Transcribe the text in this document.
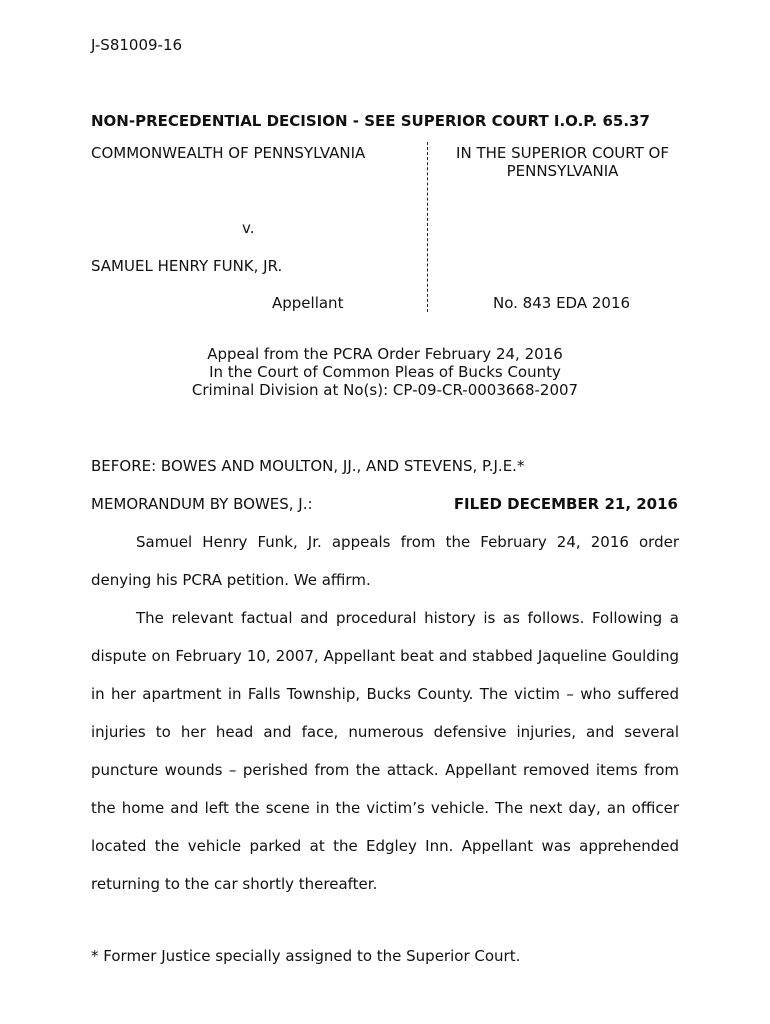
J-S81009-16
NON-PRECEDENTIAL DECISION - SEE SUPERIOR COURT I.O.P. 65.37
COMMONWEALTH OF PENNSYLVANIA	IN THE SUPERIOR COURT OF
PENNSYLVANIA
v.
SAMUEL HENRY FUNK, JR.
Appellant	No. 843 EDA 2016
Appeal from the PCRA Order February 24, 2016
In the Court of Common Pleas of Bucks County
Criminal Division at No(s): CP-09-CR-0003668-2007
BEFORE: BOWES AND MOULTON, JJ., AND STEVENS, P.J.E.*
MEMORANDUM BY BOWES, J.:	FILED DECEMBER 21, 2016

Samuel Henry Funk, Jr. appeals from the February 24, 2016 order

denying his PCRA petition. We affirm.

The relevant factual and procedural history is as follows. Following a dispute on February 10, 2007, Appellant beat and stabbed Jaqueline Goulding in her apartment in Falls Township, Bucks County. The victim – who suffered injuries to her head and face, numerous defensive injuries, and several puncture wounds – perished from the attack. Appellant removed items from the home and left the scene in the victim’s vehicle. The next day, an officer located the vehicle parked at the Edgley Inn. Appellant was apprehended returning to the car shortly thereafter.

* Former Justice specially assigned to the Superior Court.
